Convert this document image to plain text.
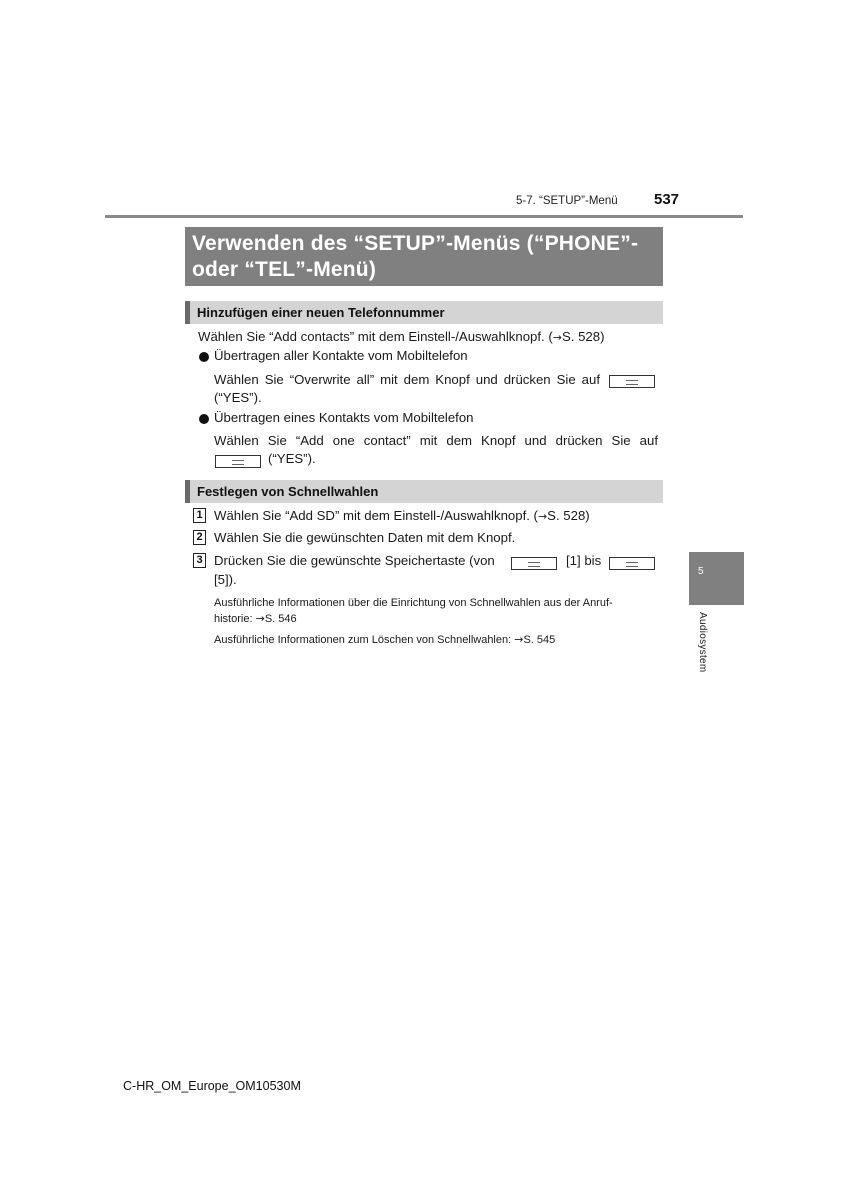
5-7. “SETUP”-Menü 537
Verwenden des “SETUP”-Menüs (“PHONE”-
oder “TEL”-Menü)
Hinzufügen einer neuen Telefonnummer
Wählen Sie “Add contacts” mit dem Einstell-/Auswahlknopf. (→S. 528)
Übertragen aller Kontakte vom Mobiltelefon
Wählen Sie “Overwrite all” mit dem Knopf und drücken Sie auf
(“YES”).
Übertragen eines Kontakts vom Mobiltelefon
Wählen Sie “Add one contact” mit dem Knopf und drücken Sie auf
(“YES”).
Festlegen von Schnellwahlen
1 Wählen Sie “Add SD” mit dem Einstell-/Auswahlknopf. (→S. 528)
2 Wählen Sie die gewünschten Daten mit dem Knopf.
3 Drücken Sie die gewünschte Speichertaste (von	[1] bis
[5]).
Ausführliche Informationen über die Einrichtung von Schnellwahlen aus der Anruf-
historie: →S. 546
Ausführliche Informationen zum Löschen von Schnellwahlen: →S. 545
5
Audiosystem
C-HR_OM_Europe_OM10530M
